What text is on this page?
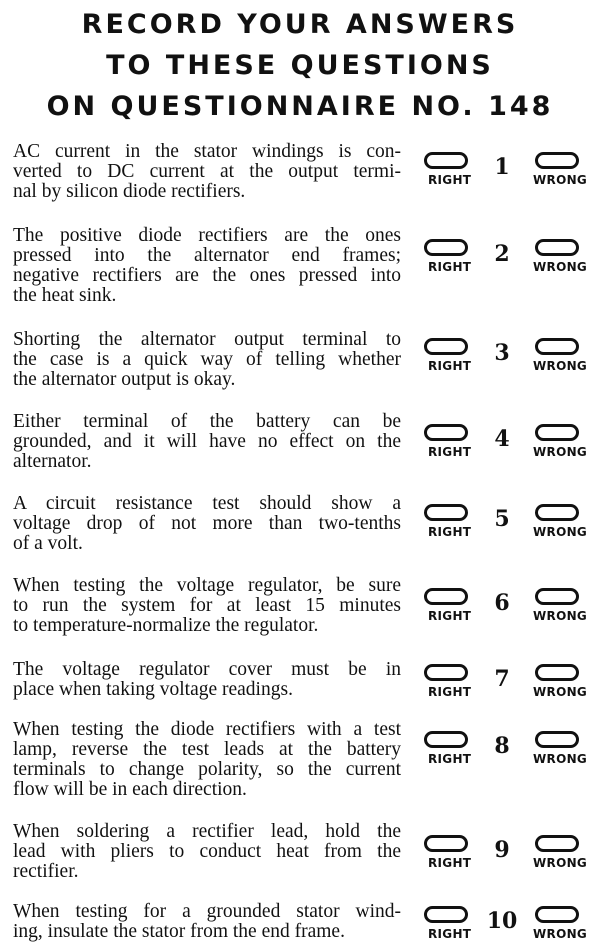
RECORD YOUR ANSWERS
TO THESE QUESTIONS
ON QUESTIONNAIRE NO. 148
AC current in the stator windings is con-
verted to DC current at the output termi-
nal by silicon diode rectifiers.
RIGHT	1	WRONG
The positive diode rectifiers are the ones
pressed into the alternator end frames;
negative rectifiers are the ones pressed into
the heat sink.
RIGHT	2	WRONG
Shorting the alternator output terminal to
the case is a quick way of telling whether
the alternator output is okay.
RIGHT	3	WRONG
Either terminal of the battery can be
grounded, and it will have no effect on the
alternator.	RIGHT	4	WRONG
A circuit resistance test should show a
voltage drop of not more than two-tenths
of a volt.
RIGHT	5	WRONG
When testing the voltage regulator, be sure
to run the system for at least 15 minutes
to temperature-normalize the regulator.	RIGHT	6	WRONG
The voltage regulator cover must be in
place when taking voltage readings.	RIGHT	7	WRONG
When testing the diode rectifiers with a test
lamp, reverse the test leads at the battery
terminals to change polarity, so the current
flow will be in each direction.
RIGHT	8	WRONG
When soldering a rectifier lead, hold the
lead with pliers to conduct heat from the
rectifier.	RIGHT	9	WRONG
When testing for a grounded stator wind-
ing, insulate the stator from the end frame.	RIGHT 10	WRONG
